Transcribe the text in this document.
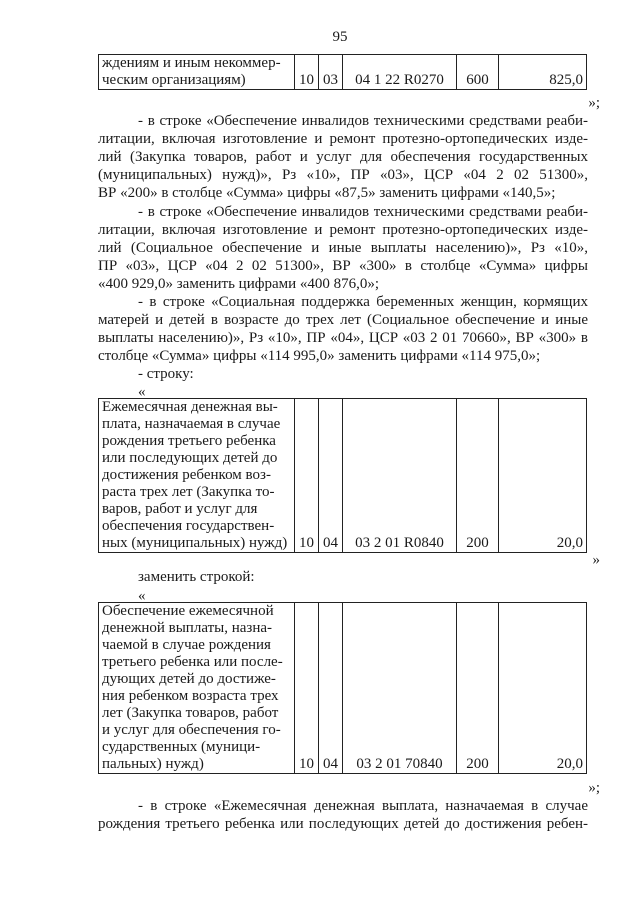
95
ждениям и иным некоммер-
ческим организациям)	10	03	04 1 22 R0270	600	825,0
»;
- в строке «Обеспечение инвалидов техническими средствами реаби-
литации, включая изготовление и ремонт протезно-ортопедических изде-
лий (Закупка товаров, работ и услуг для обеспечения государственных
(муниципальных) нужд)», Рз «10», ПР «03», ЦСР «04 2 02 51300»,
ВР «200» в столбце «Сумма» цифры «87,5» заменить цифрами «140,5»;
- в строке «Обеспечение инвалидов техническими средствами реаби-
литации, включая изготовление и ремонт протезно-ортопедических изде-
лий (Социальное обеспечение и иные выплаты населению)», Рз «10»,
ПР «03», ЦСР «04 2 02 51300», ВР «300» в столбце «Сумма» цифры
«400 929,0» заменить цифрами «400 876,0»;
- в строке «Социальная поддержка беременных женщин, кормящих
матерей и детей в возрасте до трех лет (Социальное обеспечение и иные
выплаты населению)», Рз «10», ПР «04», ЦСР «03 2 01 70660», ВР «300» в
столбце «Сумма» цифры «114 995,0» заменить цифрами «114 975,0»;
- строку:
«
Ежемесячная денежная вы-
плата, назначаемая в случае
рождения третьего ребенка
или последующих детей до
достижения ребенком воз-
раста трех лет (Закупка то-
варов, работ и услуг для
обеспечения государствен-
ных (муниципальных) нужд)	10	04	03 2 01 R0840	200	20,0
»
заменить строкой:
«
Обеспечение ежемесячной
денежной выплаты, назна-
чаемой в случае рождения
третьего ребенка или после-
дующих детей до достиже-
ния ребенком возраста трех
лет (Закупка товаров, работ
и услуг для обеспечения го-
сударственных (муници-
пальных) нужд)	10	04	03 2 01 70840	200	20,0
»;
- в строке «Ежемесячная денежная выплата, назначаемая в случае
рождения третьего ребенка или последующих детей до достижения ребен-
